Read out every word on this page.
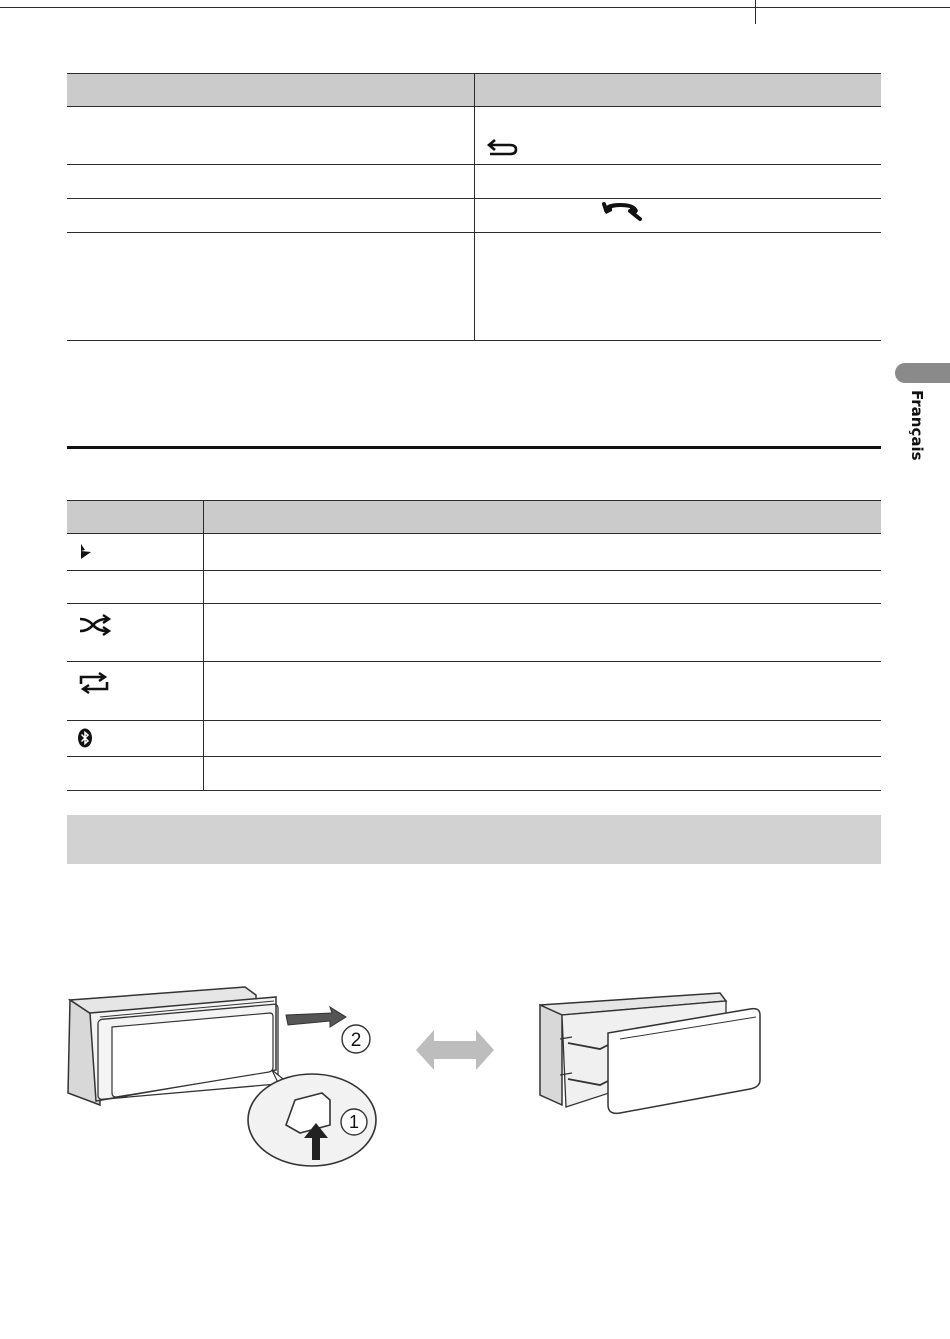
Français
2
1
